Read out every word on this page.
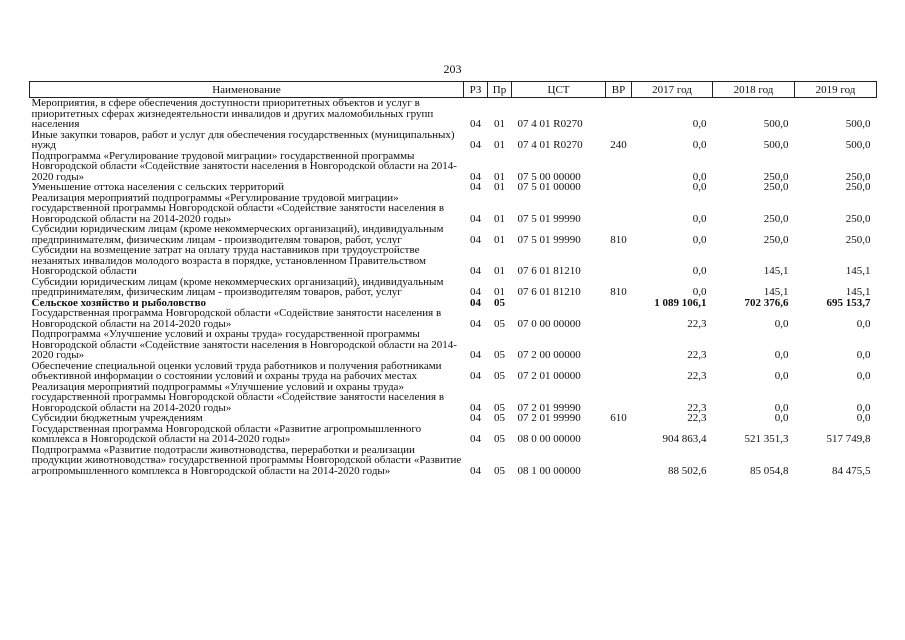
203
Наименование	РЗ	Пр	ЦСТ	ВР	2017 год	2018 год	2019 год
Мероприятия, в сфере обеспечения доступности приоритетных объектов и услуг в приоритетных сферах жизнедеятельности инвалидов и других маломобильных групп населения	04	01	07 4 01 R0270		0,0	500,0	500,0
Иные закупки товаров, работ и услуг для обеспечения государственных (муниципальных) нужд	04	01	07 4 01 R0270	240	0,0	500,0	500,0
Подпрограмма «Регулирование трудовой миграции» государственной программы Новгородской области «Содействие занятости населения в Новгородской области на 2014-2020 годы»	04	01	07 5 00 00000		0,0	250,0	250,0
Уменьшение оттока населения с сельских территорий	04	01	07 5 01 00000		0,0	250,0	250,0
Реализация мероприятий подпрограммы «Регулирование трудовой миграции» государственной программы Новгородской области «Содействие занятости населения в Новгородской области на 2014-2020 годы»	04	01	07 5 01 99990		0,0	250,0	250,0
Субсидии юридическим лицам (кроме некоммерческих организаций), индивидуальным предпринимателям, физическим лицам - производителям товаров, работ, услуг	04	01	07 5 01 99990	810	0,0	250,0	250,0
Субсидии на возмещение затрат на оплату труда наставников при трудоустройстве незанятых инвалидов молодого возраста в порядке, установленном Правительством Новгородской области	04	01	07 6 01 81210		0,0	145,1	145,1
Субсидии юридическим лицам (кроме некоммерческих организаций), индивидуальным предпринимателям, физическим лицам - производителям товаров, работ, услуг	04	01	07 6 01 81210	810	0,0	145,1	145,1
Сельское хозяйство и рыболовство	04	05			1 089 106,1	702 376,6	695 153,7
Государственная программа Новгородской области «Содействие занятости населения в Новгородской области на 2014-2020 годы»	04	05	07 0 00 00000		22,3	0,0	0,0
Подпрограмма «Улучшение условий и охраны труда» государственной программы Новгородской области «Содействие занятости населения в Новгородской области на 2014-2020 годы»	04	05	07 2 00 00000		22,3	0,0	0,0
Обеспечение специальной оценки условий труда работников и получения работниками объективной информации о состоянии условий и охраны труда на рабочих местах	04	05	07 2 01 00000		22,3	0,0	0,0
Реализация мероприятий подпрограммы «Улучшение условий и охраны труда» государственной программы Новгородской области «Содействие занятости населения в Новгородской области на 2014-2020 годы»	04	05	07 2 01 99990		22,3	0,0	0,0
Субсидии бюджетным учреждениям	04	05	07 2 01 99990	610	22,3	0,0	0,0
Государственная программа Новгородской области «Развитие агропромышленного комплекса в Новгородской области на 2014-2020 годы»	04	05	08 0 00 00000		904 863,4	521 351,3	517 749,8
Подпрограмма «Развитие подотрасли животноводства, переработки и реализации продукции животноводства» государственной программы Новгородской области «Развитие агропромышленного комплекса в Новгородской области на 2014-2020 годы»	04	05	08 1 00 00000		88 502,6	85 054,8	84 475,5
